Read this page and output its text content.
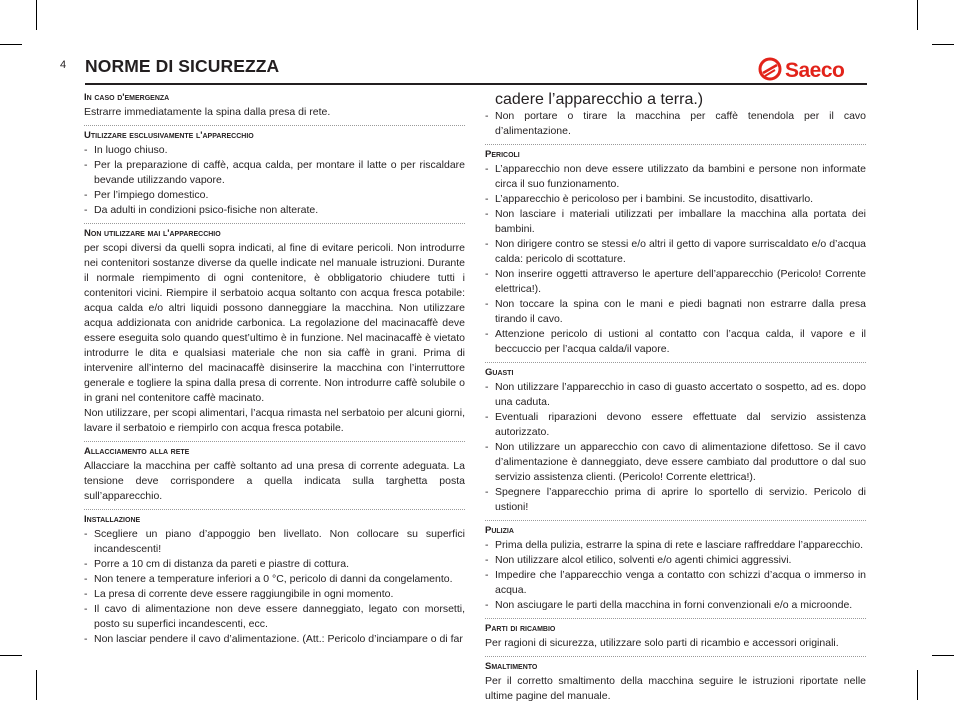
4 NORME DI SICUREZZA	Saeco
In caso d'emergenza

Estrarre immediatamente la spina dalla presa di rete.

Utilizzare esclusivamente l'apparecchio
- In luogo chiuso.
- Per la preparazione di caffè, acqua calda, per montare il latte o per riscaldare bevande utilizzando vapore.
- Per l’impiego domestico.
- Da adulti in condizioni psico-fisiche non alterate.
Non utilizzare mai l'apparecchio

per scopi diversi da quelli sopra indicati, al fine di evitare pericoli. Non introdurre nei contenitori sostanze diverse da quelle indicate nel manuale istruzioni. Durante il normale riempimento di ogni contenitore, è obbligatorio chiudere tutti i contenitori vicini. Riempire il serbatoio acqua soltanto con acqua fresca potabile: acqua calda e/o altri liquidi possono danneggiare la macchina. Non utilizzare acqua addizionata con anidride carbonica. La regolazione del macinacaffè deve essere eseguita solo quando quest’ultimo è in funzione. Nel macinacaffè è vietato introdurre le dita e qualsiasi materiale che non sia caffè in grani. Prima di intervenire all’interno del macinacaffè disinserire la macchina con l’interruttore generale e togliere la spina dalla presa di corrente. Non introdurre caffè solubile o in grani nel contenitore caffè macinato.

Non utilizzare, per scopi alimentari, l’acqua rimasta nel serbatoio per alcuni giorni, lavare il serbatoio e riempirlo con acqua fresca potabile.

Allacciamento alla rete

Allacciare la macchina per caffè soltanto ad una presa di corrente adeguata. La tensione deve corrispondere a quella indicata sulla targhetta posta sull’apparecchio.

Installazione
- Scegliere un piano d’appoggio ben livellato. Non collocare su superfici incandescenti!
- Porre a 10 cm di distanza da pareti e piastre di cottura.
- Non tenere a temperature inferiori a 0 °C, pericolo di danni da congelamento.
- La presa di corrente deve essere raggiungibile in ogni momento.
- Il cavo di alimentazione non deve essere danneggiato, legato con morsetti, posto su superfici incandescenti, ecc.
- Non lasciar pendere il cavo d’alimentazione. (Att.: Pericolo d’inciampare o di far
cadere l’apparecchio a terra.)
- Non portare o tirare la macchina per caffè tenendola per il cavo d’alimentazione.
Pericoli
- L’apparecchio non deve essere utilizzato da bambini e persone non informate circa il suo funzionamento.
- L’apparecchio è pericoloso per i bambini. Se incustodito, disattivarlo.
- Non lasciare i materiali utilizzati per imballare la macchina alla portata dei bambini.
- Non dirigere contro se stessi e/o altri il getto di vapore surriscaldato e/o d’acqua calda: pericolo di scottature.
- Non inserire oggetti attraverso le aperture dell’apparecchio (Pericolo! Corrente elettrica!).
- Non toccare la spina con le mani e piedi bagnati non estrarre dalla presa tirando il cavo.
- Attenzione pericolo di ustioni al contatto con l’acqua calda, il vapore e il beccuccio per l’acqua calda/il vapore.
Guasti
- Non utilizzare l’apparecchio in caso di guasto accertato o sospetto, ad es. dopo una caduta.
- Eventuali riparazioni devono essere effettuate dal servizio assistenza autorizzato.
- Non utilizzare un apparecchio con cavo di alimentazione difettoso. Se il cavo d’alimentazione è danneggiato, deve essere cambiato dal produttore o dal suo servizio assistenza clienti. (Pericolo! Corrente elettrica!).
- Spegnere l’apparecchio prima di aprire lo sportello di servizio. Pericolo di ustioni!
Pulizia
- Prima della pulizia, estrarre la spina di rete e lasciare raffreddare l’apparecchio.
- Non utilizzare alcol etilico, solventi e/o agenti chimici aggressivi.
- Impedire che l’apparecchio venga a contatto con schizzi d’acqua o immerso in acqua.
- Non asciugare le parti della macchina in forni convenzionali e/o a microonde.
Parti di ricambio

Per ragioni di sicurezza, utilizzare solo parti di ricambio e accessori originali.

Smaltimento

Per il corretto smaltimento della macchina seguire le istruzioni riportate nelle ultime pagine del manuale.
